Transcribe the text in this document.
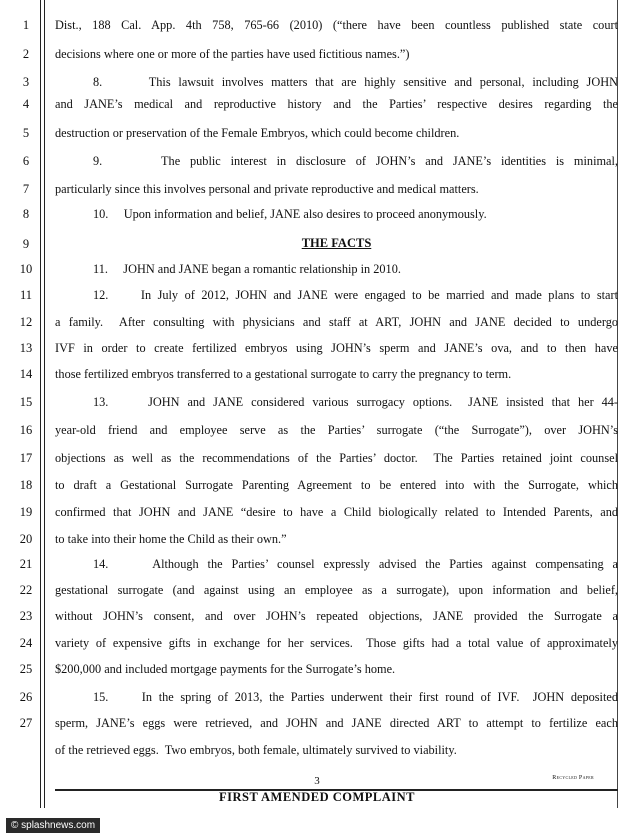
1
2
3
4
5
6
7
8
9
10
11
12
13
14
15
16
17
18
19
20
21
22
23
24
25
26
27
Dist., 188 Cal. App. 4th 758, 765-66 (2010) (“there have been countless published state court
decisions where one or more of the parties have used fictitious names.”)
8.      This lawsuit involves matters that are highly sensitive and personal, including JOHN
and JANE’s medical and reproductive history and the Parties’ respective desires regarding the
destruction or preservation of the Female Embryos, which could become children.
9.      The public interest in disclosure of JOHN’s and JANE’s identities is minimal,
particularly since this involves personal and private reproductive and medical matters.
10.     Upon information and belief, JANE also desires to proceed anonymously.
11.     JOHN and JANE began a romantic relationship in 2010.
12.     In July of 2012, JOHN and JANE were engaged to be married and made plans to start
a family.  After consulting with physicians and staff at ART, JOHN and JANE decided to undergo
IVF in order to create fertilized embryos using JOHN’s sperm and JANE’s ova, and to then have
those fertilized embryos transferred to a gestational surrogate to carry the pregnancy to term.
13.     JOHN and JANE considered various surrogacy options.  JANE insisted that her 44-
year-old friend and employee serve as the Parties’ surrogate (“the Surrogate”), over JOHN’s
objections as well as the recommendations of the Parties’ doctor.  The Parties retained joint counsel
to draft a Gestational Surrogate Parenting Agreement to be entered into with the Surrogate, which
confirmed that JOHN and JANE “desire to have a Child biologically related to Intended Parents, and
to take into their home the Child as their own.”
14.     Although the Parties’ counsel expressly advised the Parties against compensating a
gestational surrogate (and against using an employee as a surrogate), upon information and belief,
without JOHN’s consent, and over JOHN’s repeated objections, JANE provided the Surrogate a
variety of expensive gifts in exchange for her services.  Those gifts had a total value of approximately
$200,000 and included mortgage payments for the Surrogate’s home.
15.     In the spring of 2013, the Parties underwent their first round of IVF.  JOHN deposited
sperm, JANE’s eggs were retrieved, and JOHN and JANE directed ART to attempt to fertilize each
of the retrieved eggs.  Two embryos, both female, ultimately survived to viability.
THE FACTS
3	Recycled Paper
FIRST AMENDED COMPLAINT
© splashnews.com
